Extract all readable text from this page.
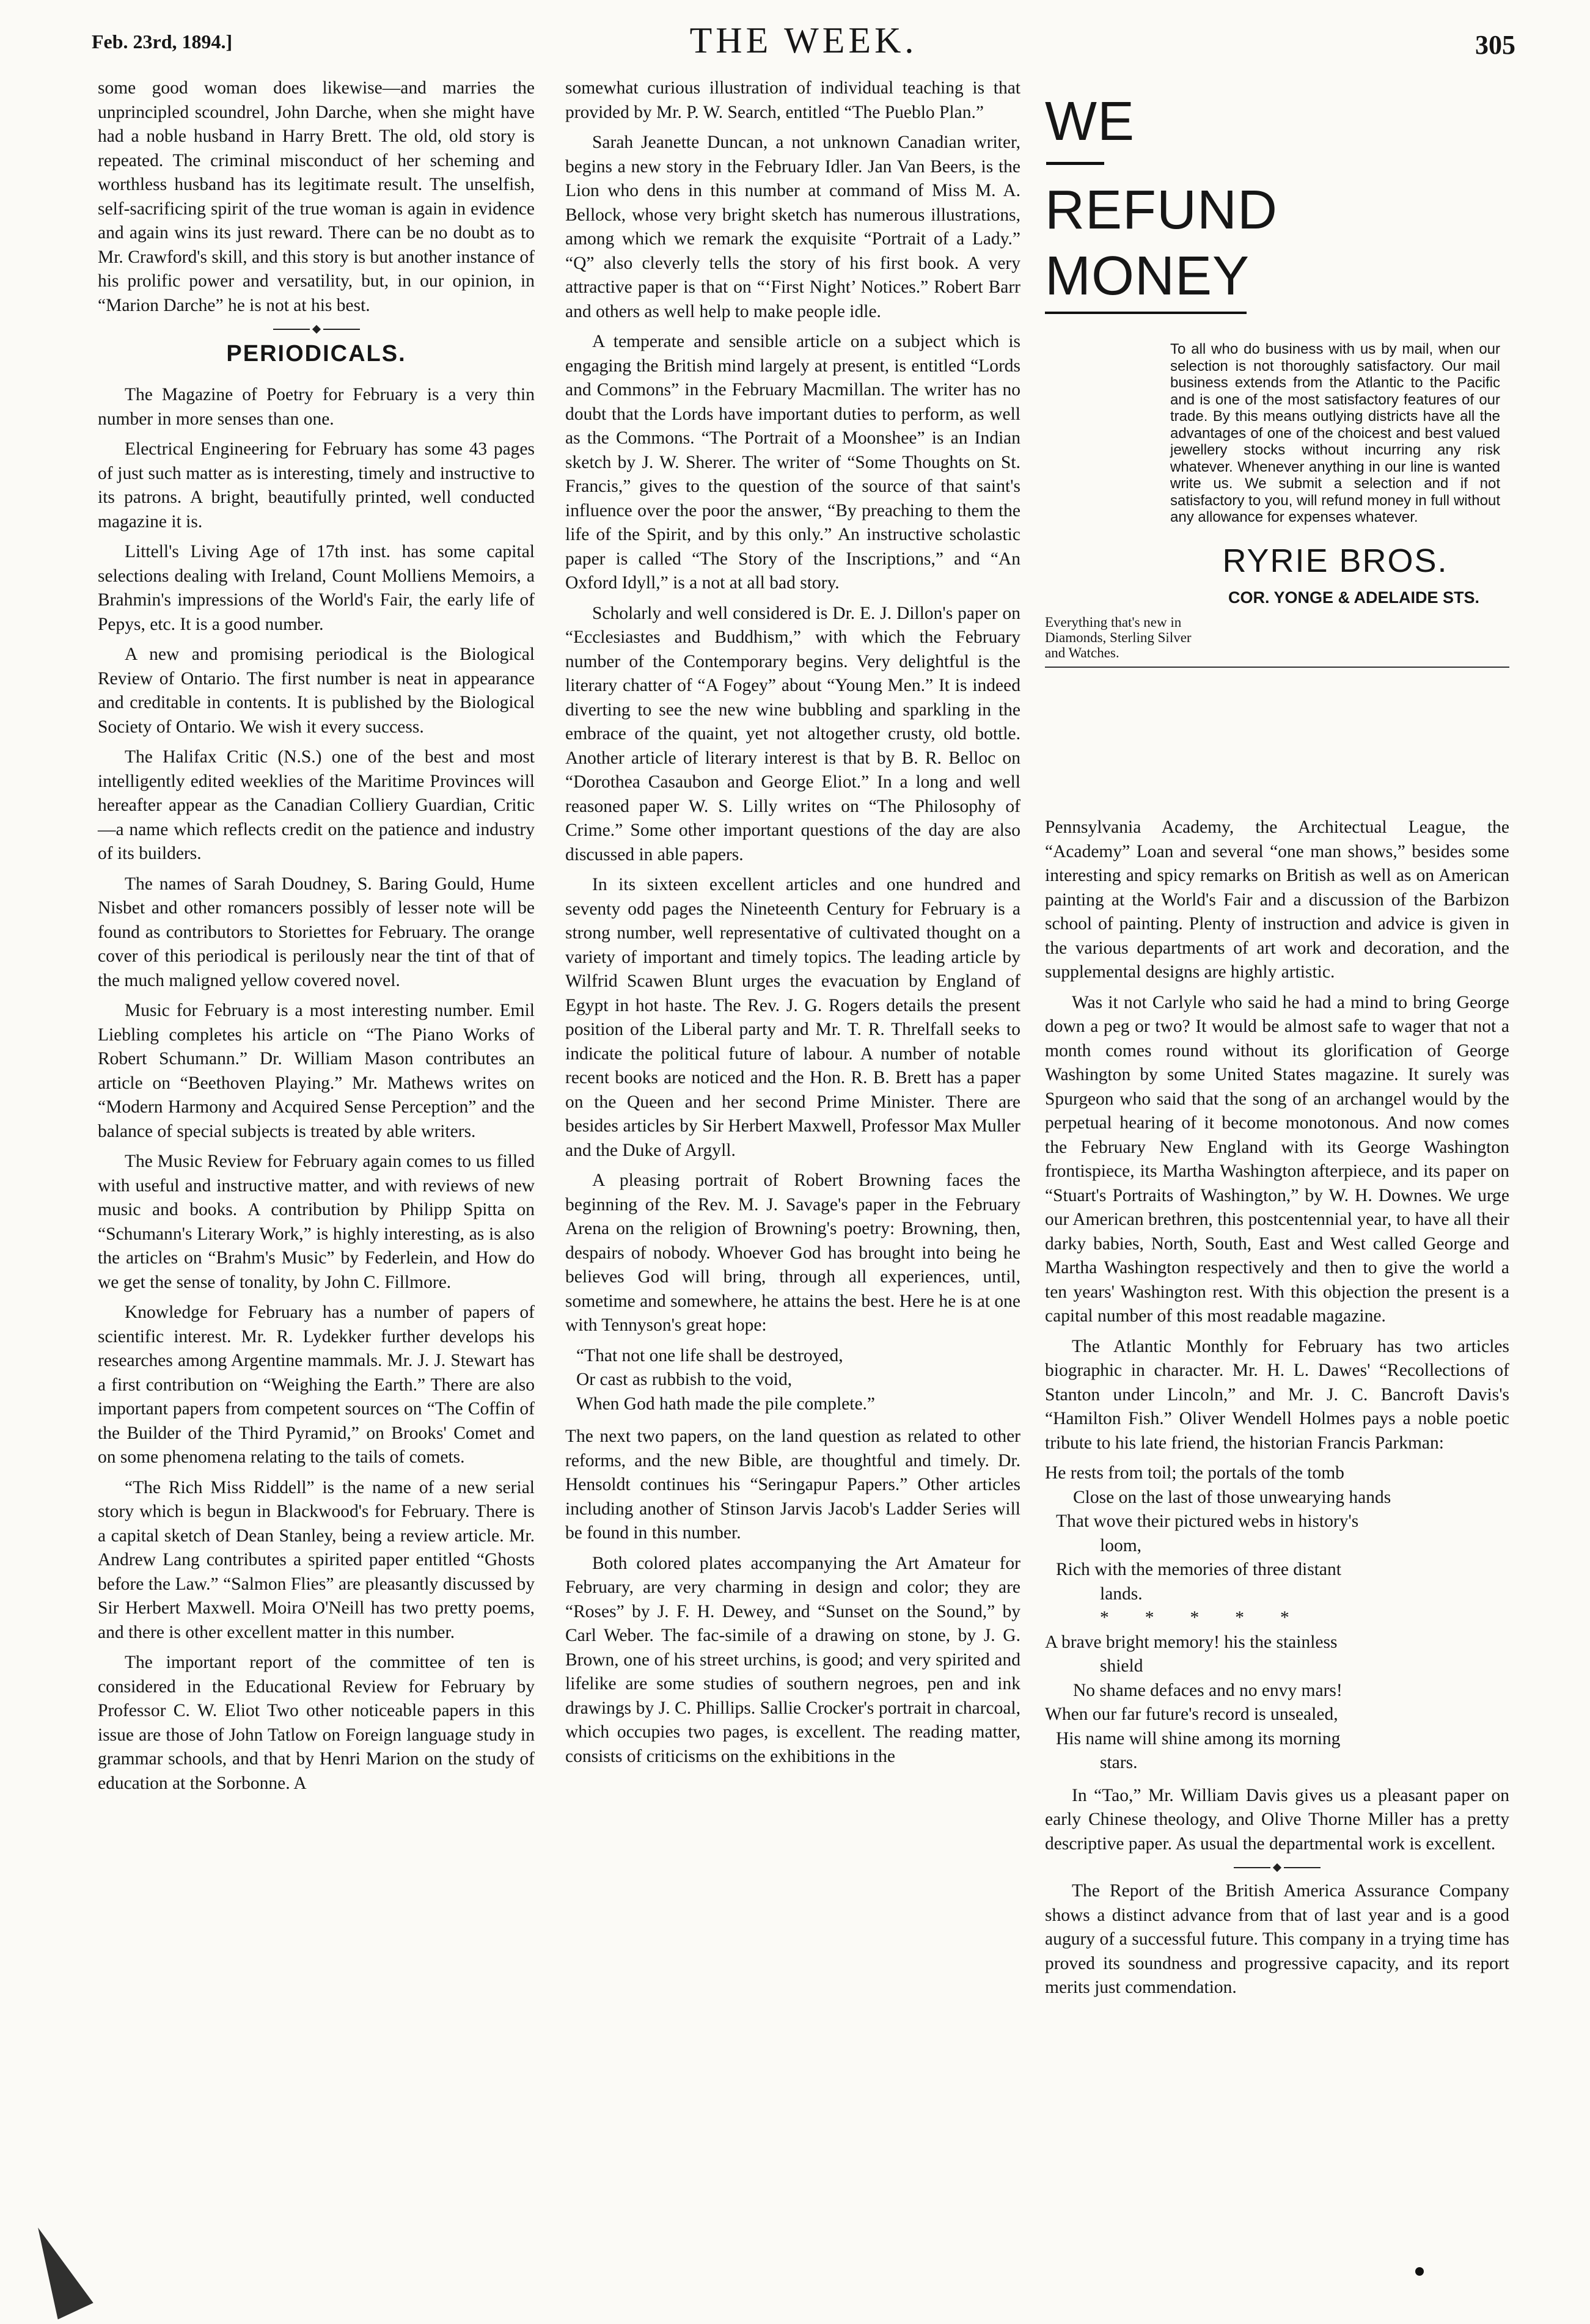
Feb. 23rd, 1894.]	THE WEEK.	305

some good woman does likewise—and marries the unprincipled scoundrel, John Darche, when she might have had a noble husband in Harry Brett. The old, old story is repeated. The criminal misconduct of her scheming and worthless husband has its legitimate result. The unselfish, self-sacrificing spirit of the true woman is again in evidence and again wins its just reward. There can be no doubt as to Mr. Crawford's skill, and this story is but another instance of his prolific power and versatility, but, in our opinion, in “Marion Darche” he is not at his best.

PERIODICALS.

The Magazine of Poetry for February is a very thin number in more senses than one.

Electrical Engineering for February has some 43 pages of just such matter as is interesting, timely and instructive to its patrons. A bright, beautifully printed, well conducted magazine it is.

Littell's Living Age of 17th inst. has some capital selections dealing with Ireland, Count Molliens Memoirs, a Brahmin's impressions of the World's Fair, the early life of Pepys, etc. It is a good number.

A new and promising periodical is the Biological Review of Ontario. The first number is neat in appearance and creditable in contents. It is published by the Biological Society of Ontario. We wish it every success.

The Halifax Critic (N.S.) one of the best and most intelligently edited weeklies of the Maritime Provinces will hereafter appear as the Canadian Colliery Guardian, Critic—a name which reflects credit on the patience and industry of its builders.

The names of Sarah Doudney, S. Baring Gould, Hume Nisbet and other romancers possibly of lesser note will be found as contributors to Storiettes for February. The orange cover of this periodical is perilously near the tint of that of the much maligned yellow covered novel.

Music for February is a most interesting number. Emil Liebling completes his article on “The Piano Works of Robert Schumann.” Dr. William Mason contributes an article on “Beethoven Playing.” Mr. Mathews writes on “Modern Harmony and Acquired Sense Perception” and the balance of special subjects is treated by able writers.

The Music Review for February again comes to us filled with useful and instructive matter, and with reviews of new music and books. A contribution by Philipp Spitta on “Schumann's Literary Work,” is highly interesting, as is also the articles on “Brahm's Music” by Federlein, and How do we get the sense of tonality, by John C. Fillmore.

Knowledge for February has a number of papers of scientific interest. Mr. R. Lydekker further develops his researches among Argentine mammals. Mr. J. J. Stewart has a first contribution on “Weighing the Earth.” There are also important papers from competent sources on “The Coffin of the Builder of the Third Pyramid,” on Brooks' Comet and on some phenomena relating to the tails of comets.

“The Rich Miss Riddell” is the name of a new serial story which is begun in Blackwood's for February. There is a capital sketch of Dean Stanley, being a review article. Mr. Andrew Lang contributes a spirited paper entitled “Ghosts before the Law.” “Salmon Flies” are pleasantly discussed by Sir Herbert Maxwell. Moira O'Neill has two pretty poems, and there is other excellent matter in this number.

The important report of the committee of ten is considered in the Educational Review for February by Professor C. W. Eliot Two other noticeable papers in this issue are those of John Tatlow on Foreign language study in grammar schools, and that by Henri Marion on the study of education at the Sorbonne. A

somewhat curious illustration of individual teaching is that provided by Mr. P. W. Search, entitled “The Pueblo Plan.”

Sarah Jeanette Duncan, a not unknown Canadian writer, begins a new story in the February Idler. Jan Van Beers, is the Lion who dens in this number at command of Miss M. A. Bellock, whose very bright sketch has numerous illustrations, among which we remark the exquisite “Portrait of a Lady.” “Q” also cleverly tells the story of his first book. A very attractive paper is that on “‘First Night’ Notices.” Robert Barr and others as well help to make people idle.

A temperate and sensible article on a subject which is engaging the British mind largely at present, is entitled “Lords and Commons” in the February Macmillan. The writer has no doubt that the Lords have important duties to perform, as well as the Commons. “The Portrait of a Moonshee” is an Indian sketch by J. W. Sherer. The writer of “Some Thoughts on St. Francis,” gives to the question of the source of that saint's influence over the poor the answer, “By preaching to them the life of the Spirit, and by this only.” An instructive scholastic paper is called “The Story of the Inscriptions,” and “An Oxford Idyll,” is a not at all bad story.

Scholarly and well considered is Dr. E. J. Dillon's paper on “Ecclesiastes and Buddhism,” with which the February number of the Contemporary begins. Very delightful is the literary chatter of “A Fogey” about “Young Men.” It is indeed diverting to see the new wine bubbling and sparkling in the embrace of the quaint, yet not altogether crusty, old bottle. Another article of literary interest is that by B. R. Belloc on “Dorothea Casaubon and George Eliot.” In a long and well reasoned paper W. S. Lilly writes on “The Philosophy of Crime.” Some other important questions of the day are also discussed in able papers.

In its sixteen excellent articles and one hundred and seventy odd pages the Nineteenth Century for February is a strong number, well representative of cultivated thought on a variety of important and timely topics. The leading article by Wilfrid Scawen Blunt urges the evacuation by England of Egypt in hot haste. The Rev. J. G. Rogers details the present position of the Liberal party and Mr. T. R. Threlfall seeks to indicate the political future of labour. A number of notable recent books are noticed and the Hon. R. B. Brett has a paper on the Queen and her second Prime Minister. There are besides articles by Sir Herbert Maxwell, Professor Max Muller and the Duke of Argyll.

A pleasing portrait of Robert Browning faces the beginning of the Rev. M. J. Savage's paper in the February Arena on the religion of Browning's poetry: Browning, then, despairs of nobody. Whoever God has brought into being he believes God will bring, through all experiences, until, sometime and somewhere, he attains the best. Here he is at one with Tennyson's great hope:

“That not one life shall be destroyed,
Or cast as rubbish to the void,
When God hath made the pile complete.”

The next two papers, on the land question as related to other reforms, and the new Bible, are thoughtful and timely. Dr. Hensoldt continues his “Seringapur Papers.” Other articles including another of Stinson Jarvis Jacob's Ladder Series will be found in this number.

Both colored plates accompanying the Art Amateur for February, are very charming in design and color; they are “Roses” by J. F. H. Dewey, and “Sunset on the Sound,” by Carl Weber. The fac-simile of a drawing on stone, by J. G. Brown, one of his street urchins, is good; and very spirited and lifelike are some studies of southern negroes, pen and ink drawings by J. C. Phillips. Sallie Crocker's portrait in charcoal, which occupies two pages, is excellent. The reading matter, consists of criticisms on the exhibitions in the

WE
REFUND
MONEY
To all who do business with us by mail, when our selection is not thoroughly satisfactory. Our mail business extends from the Atlantic to the Pacific and is one of the most satisfactory features of our trade. By this means outlying districts have all the advantages of one of the choicest and best valued jewellery stocks without incurring any risk whatever. Whenever anything in our line is wanted write us. We submit a selection and if not satisfactory to you, will refund money in full without any allowance for expenses whatever.
RYRIE BROS.
COR. YONGE & ADELAIDE STS.
Everything that's new in Diamonds, Sterling Silver and Watches.

Pennsylvania Academy, the Architectual League, the “Academy” Loan and several “one man shows,” besides some interesting and spicy remarks on British as well as on American painting at the World's Fair and a discussion of the Barbizon school of painting. Plenty of instruction and advice is given in the various departments of art work and decoration, and the supplemental designs are highly artistic.

Was it not Carlyle who said he had a mind to bring George down a peg or two? It would be almost safe to wager that not a month comes round without its glorification of George Washington by some United States magazine. It surely was Spurgeon who said that the song of an archangel would by the perpetual hearing of it become monotonous. And now comes the February New England with its George Washington frontispiece, its Martha Washington afterpiece, and its paper on “Stuart's Portraits of Washington,” by W. H. Downes. We urge our American brethren, this postcentennial year, to have all their darky babies, North, South, East and West called George and Martha Washington respectively and then to give the world a ten years' Washington rest. With this objection the present is a capital number of this most readable magazine.

The Atlantic Monthly for February has two articles biographic in character. Mr. H. L. Dawes' “Recollections of Stanton under Lincoln,” and Mr. J. C. Bancroft Davis's “Hamilton Fish.” Oliver Wendell Holmes pays a noble poetic tribute to his late friend, the historian Francis Parkman:

He rests from toil; the portals of the tomb
Close on the last of those unwearying hands
That wove their pictured webs in history's
loom,
Rich with the memories of three distant
lands.
*  *  *  *  *
A brave bright memory! his the stainless
shield
No shame defaces and no envy mars!
When our far future's record is unsealed,
His name will shine among its morning
stars.

In “Tao,” Mr. William Davis gives us a pleasant paper on early Chinese theology, and Olive Thorne Miller has a pretty descriptive paper. As usual the departmental work is excellent.

The Report of the British America Assurance Company shows a distinct advance from that of last year and is a good augury of a successful future. This company in a trying time has proved its soundness and progressive capacity, and its report merits just commendation.
